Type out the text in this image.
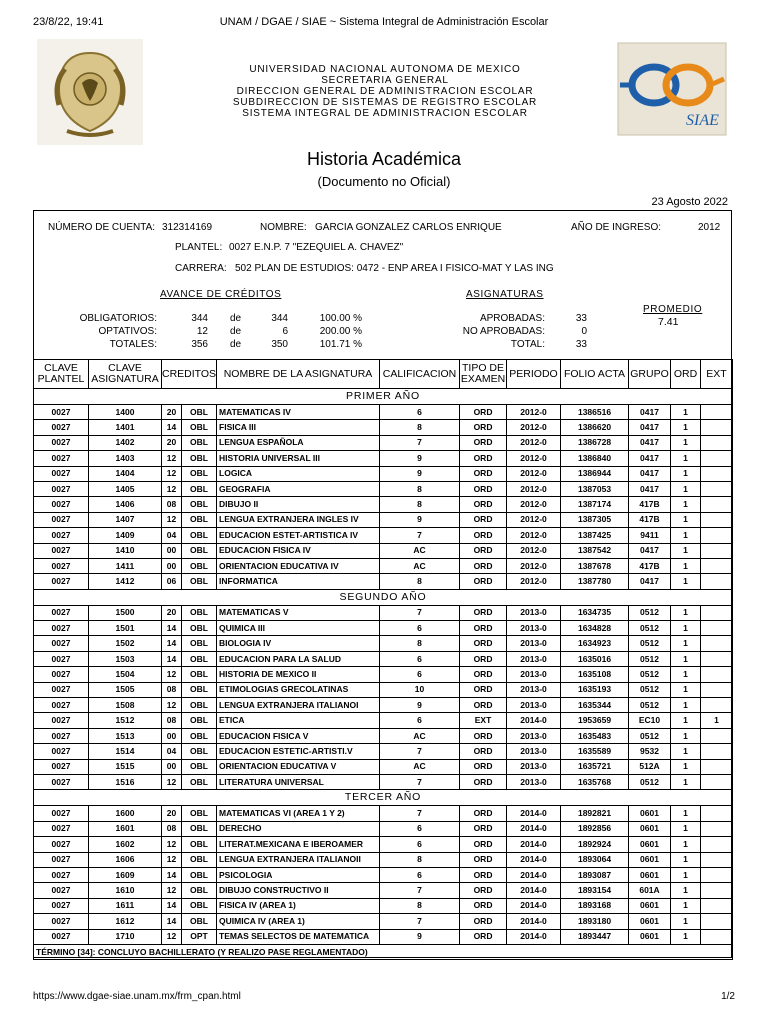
23/8/22, 19:41	UNAM / DGAE / SIAE ~ Sistema Integral de Administración Escolar
UNIVERSIDAD NACIONAL AUTONOMA DE MEXICO
SECRETARIA GENERAL
DIRECCION GENERAL DE ADMINISTRACION ESCOLAR
SUBDIRECCION DE SISTEMAS DE REGISTRO ESCOLAR
SISTEMA INTEGRAL DE ADMINISTRACION ESCOLAR	SIAE
Historia Académica
(Documento no Oficial)
23 Agosto 2022
NÚMERO DE CUENTA: 312314169	NOMBRE: GARCIA GONZALEZ CARLOS ENRIQUE	AÑO DE INGRESO:	2012
PLANTEL: 0027 E.N.P. 7 "EZEQUIEL A. CHAVEZ"
CARRERA: 502 PLAN DE ESTUDIOS: 0472 - ENP AREA I FISICO-MAT Y LAS ING
AVANCE DE CRÉDITOS
OBLIGATORIOS:	344 de	344	100.00 %
OPTATIVOS:	12 de	6	200.00 %
TOTALES:	356 de	350	101.71 %
ASIGNATURAS
APROBADAS:	33
NO APROBADAS:	0
TOTAL:	33
PROMEDIO
7.41
CLAVE PLANTEL	CLAVE ASIGNATURA	CREDITOS		NOMBRE DE LA ASIGNATURA	CALIFICACION	TIPO DE EXAMEN	PERIODO	FOLIO ACTA	GRUPO	ORD	EXT
PRIMER AÑO											
0027	1400	20	OBL	MATEMATICAS IV	6	ORD	2012-0	1386516	0417	1	
0027	1401	14	OBL	FISICA III	8	ORD	2012-0	1386620	0417	1	
0027	1402	20	OBL	LENGUA ESPAÑOLA	7	ORD	2012-0	1386728	0417	1	
0027	1403	12	OBL	HISTORIA UNIVERSAL III	9	ORD	2012-0	1386840	0417	1	
0027	1404	12	OBL	LOGICA	9	ORD	2012-0	1386944	0417	1	
0027	1405	12	OBL	GEOGRAFIA	8	ORD	2012-0	1387053	0417	1	
0027	1406	08	OBL	DIBUJO II	8	ORD	2012-0	1387174	417B	1	
0027	1407	12	OBL	LENGUA EXTRANJERA INGLES IV	9	ORD	2012-0	1387305	417B	1	
0027	1409	04	OBL	EDUCACION ESTET-ARTISTICA IV	7	ORD	2012-0	1387425	9411	1	
0027	1410	00	OBL	EDUCACION FISICA IV	AC	ORD	2012-0	1387542	0417	1	
0027	1411	00	OBL	ORIENTACION EDUCATIVA IV	AC	ORD	2012-0	1387678	417B	1	
0027	1412	06	OBL	INFORMATICA	8	ORD	2012-0	1387780	0417	1	
SEGUNDO AÑO											
0027	1500	20	OBL	MATEMATICAS V	7	ORD	2013-0	1634735	0512	1	
0027	1501	14	OBL	QUIMICA III	6	ORD	2013-0	1634828	0512	1	
0027	1502	14	OBL	BIOLOGIA IV	8	ORD	2013-0	1634923	0512	1	
0027	1503	14	OBL	EDUCACION PARA LA SALUD	6	ORD	2013-0	1635016	0512	1	
0027	1504	12	OBL	HISTORIA DE MEXICO II	6	ORD	2013-0	1635108	0512	1	
0027	1505	08	OBL	ETIMOLOGIAS GRECOLATINAS	10	ORD	2013-0	1635193	0512	1	
0027	1508	12	OBL	LENGUA EXTRANJERA ITALIANOI	9	ORD	2013-0	1635344	0512	1	
0027	1512	08	OBL	ETICA	6	EXT	2014-0	1953659	EC10	1	1
0027	1513	00	OBL	EDUCACION FISICA V	AC	ORD	2013-0	1635483	0512	1	
0027	1514	04	OBL	EDUCACION ESTETIC-ARTISTI.V	7	ORD	2013-0	1635589	9532	1	
0027	1515	00	OBL	ORIENTACION EDUCATIVA V	AC	ORD	2013-0	1635721	512A	1	
0027	1516	12	OBL	LITERATURA UNIVERSAL	7	ORD	2013-0	1635768	0512	1	
TERCER AÑO											
0027	1600	20	OBL	MATEMATICAS VI (AREA 1 Y 2)	7	ORD	2014-0	1892821	0601	1	
0027	1601	08	OBL	DERECHO	6	ORD	2014-0	1892856	0601	1	
0027	1602	12	OBL	LITERAT.MEXICANA E IBEROAMER	6	ORD	2014-0	1892924	0601	1	
0027	1606	12	OBL	LENGUA EXTRANJERA ITALIANOII	8	ORD	2014-0	1893064	0601	1	
0027	1609	14	OBL	PSICOLOGIA	6	ORD	2014-0	1893087	0601	1	
0027	1610	12	OBL	DIBUJO CONSTRUCTIVO II	7	ORD	2014-0	1893154	601A	1	
0027	1611	14	OBL	FISICA IV (AREA 1)	8	ORD	2014-0	1893168	0601	1	
0027	1612	14	OBL	QUIMICA IV (AREA 1)	7	ORD	2014-0	1893180	0601	1	
0027	1710	12	OPT	TEMAS SELECTOS DE MATEMATICA	9	ORD	2014-0	1893447	0601	1	
TÉRMINO [34]: CONCLUYO BACHILLERATO (Y REALIZO PASE REGLAMENTADO)											
https://www.dgae-siae.unam.mx/frm_cpan.html	1/2
